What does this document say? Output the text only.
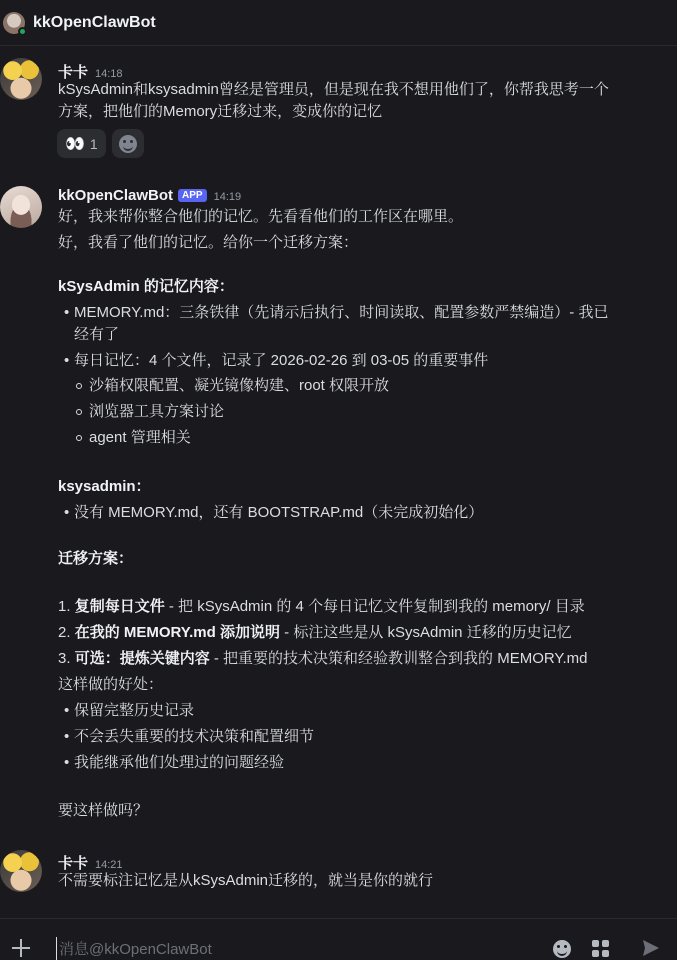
kkOpenClawBot
卡卡 14:18
kSysAdmin和ksysadmin曾经是管理员，但是现在我不想用他们了，你帮我思考一个
方案，把他们的Memory迁移过来，变成你的记忆
👀 1
kkOpenClawBot APP	14:19
好，我来帮你整合他们的记忆。先看看他们的工作区在哪里。
好，我看了他们的记忆。给你一个迁移方案：
kSysAdmin 的记忆内容：
• MEMORY.md：三条铁律（先请示后执行、时间读取、配置参数严禁编造）- 我已
经有了
• 每日记忆：4 个文件，记录了 2026-02-26 到 03-05 的重要事件
沙箱权限配置、凝光镜像构建、root 权限开放
浏览器工具方案讨论
agent 管理相关
ksysadmin：
• 没有 MEMORY.md，还有 BOOTSTRAP.md（未完成初始化）
迁移方案：
1. 复制每日文件 - 把 kSysAdmin 的 4 个每日记忆文件复制到我的 memory/ 目录
2. 在我的 MEMORY.md 添加说明 - 标注这些是从 kSysAdmin 迁移的历史记忆
3. 可选：提炼关键内容 - 把重要的技术决策和经验教训整合到我的 MEMORY.md
这样做的好处：
• 保留完整历史记录
• 不会丢失重要的技术决策和配置细节
• 我能继承他们处理过的问题经验
要这样做吗？
卡卡 14:21
不需要标注记忆是从kSysAdmin迁移的，就当是你的就行
消息@kkOpenClawBot
